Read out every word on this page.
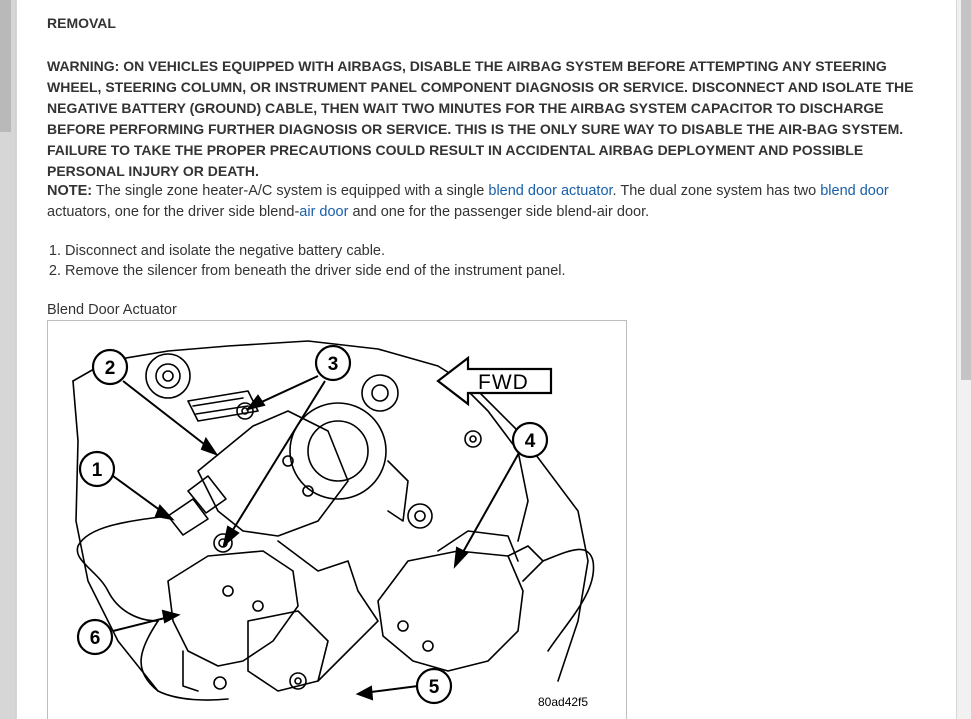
REMOVAL
WARNING: ON VEHICLES EQUIPPED WITH AIRBAGS, DISABLE THE AIRBAG SYSTEM BEFORE ATTEMPTING ANY STEERING WHEEL, STEERING COLUMN, OR INSTRUMENT PANEL COMPONENT DIAGNOSIS OR SERVICE. DISCONNECT AND ISOLATE THE NEGATIVE BATTERY (GROUND) CABLE, THEN WAIT TWO MINUTES FOR THE AIRBAG SYSTEM CAPACITOR TO DISCHARGE BEFORE PERFORMING FURTHER DIAGNOSIS OR SERVICE. THIS IS THE ONLY SURE WAY TO DISABLE THE AIR-BAG SYSTEM. FAILURE TO TAKE THE PROPER PRECAUTIONS COULD RESULT IN ACCIDENTAL AIRBAG DEPLOYMENT AND POSSIBLE PERSONAL INJURY OR DEATH.
NOTE: The single zone heater-A/C system is equipped with a single blend door actuator. The dual zone system has two blend door actuators, one for the driver side blend-air door and one for the passenger side blend-air door.
1. Disconnect and isolate the negative battery cable.
2. Remove the silencer from beneath the driver side end of the instrument panel.
Blend Door Actuator
FWD
2	3
1
4
6
5
80ad42f5
